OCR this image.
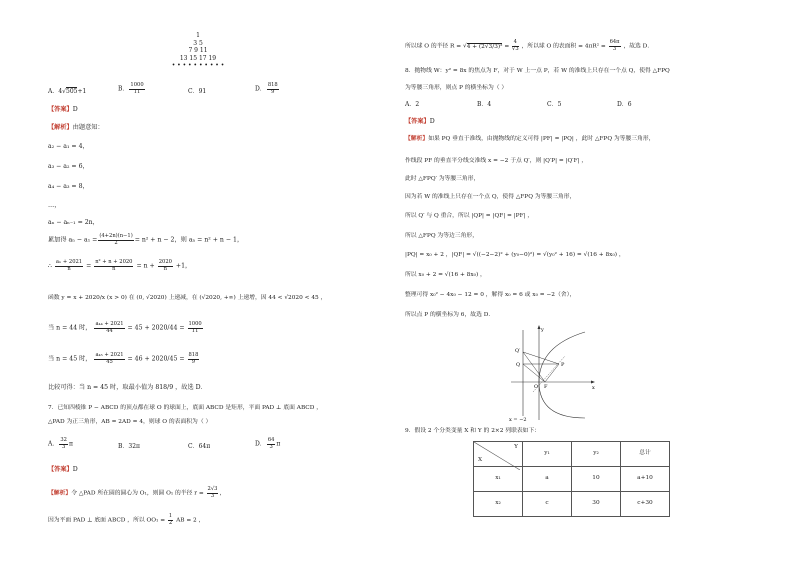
1
3 5
7 9 11
13 15 17 19
• • • • • • • • • •
A．4√505+1	B． $\frac{1000}{11}$	C．91	D． $\frac{818}{9}$
【答案】D
【解析】由题意知：
a₂ − a₁ = 4，
a₃ − a₂ = 6，
a₄ − a₃ = 8，
…，
aₙ − aₙ₋₁ = 2n，
累加得 $a_n - a_1 = \frac{(4+2n)(n-1)}{2} = n^2 + n - 2$，则 aₙ = n² + n − 1，
∴ $\frac{\text{aₙ + 2021}}{n} = \frac{\text{n² + n + 2020}}{n} = n + \frac{2020}{n} +1$，
函数 y = x + 2020/x (x > 0) 在 (0, √2020) 上递减，在 (√2020, +∞) 上递增，因 44 < √2020 < 45 ，
当 n = 44 时， $\frac{\text{a₄₄ + 2021}}{44} = 45 + 2020/44 = \frac{1000}{11}$
当 n = 45 时， $\frac{\text{a₄₅ + 2021}}{45} = 46 + 2020/45 = \frac{818}{9}$
比较可得：当 n = 45 时，取最小值为 818/9 ，故选 D．
7．已知四棱锥 P − ABCD 的顶点都在球 O 的球面上，底面 ABCD 是矩形，平面 PAD ⊥ 底面 ABCD ，
△PAD 为正三角形，AB = 2AD = 4，则球 O 的表面积为（ ）
A． $\frac{32}{3}$ π	B．32π	C．64π	D． $\frac{64}{3}$ π
【答案】D
【解析】令 △PAD 所在圆的圆心为 O₁，则圆 O₁ 的半径 $r = \frac{2√3}{3}$ ，
因为平面 PAD ⊥ 底面 ABCD ，所以 $OO_1 = \frac{1}{2}$ AB = 2 ，
所以球 O 的半径 $R = √4 + (2√3/3)^2 = \frac{4}{√3}$ ，所以球 O 的表面积 = $4\pi R^2 = \frac{64\pi}{3}$ ，故选 D．
8．抛物线 W：y² = 8x 的焦点为 F，对于 W 上一点 P，若 W 的准线上只存在一个点 Q，使得 △FPQ
为等腰三角形，则点 P 的横坐标为（ ）
A．2	B．4	C．5	D．6
【答案】D
【解析】如果 PQ 垂直于准线，由抛物线的定义可得 |PF| = |PQ| ，此时 △FPQ 为等腰三角形，
作线段 PF 的垂直平分线交准线 x = −2 于点 Q′，则 |Q′P| = |Q′F| ，
此时 △FPQ′ 为等腰三角形，
因为若 W 的准线上只存在一个点 Q，使得 △FPQ 为等腰三角形，
所以 Q′ 与 Q 重合，所以 |QP| = |QF| = |PF| ，
所以 △FPQ 为等边三角形，
|PQ| = x₀ + 2 ，|QF| = √((−2−2)² + (y₀−0)²) = √(y₀² + 16) = √(16 + 8x₀) ，
所以 x₀ + 2 = √(16 + 8x₀) ，
整理可得 x₀² − 4x₀ − 12 = 0 ，解得 x₀ = 6 或 x₀ = −2（舍），
所以点 P 的横坐标为 6，故选 D．
y
x
Q′
Q	P
O F
x = −2
9．假设 2 个分类变量 X 和 Y 的 2×2 列联表如下：
Y
X	y₁	y₂	总计
x₁	a	10	a+10
x₂	c	30	c+30
